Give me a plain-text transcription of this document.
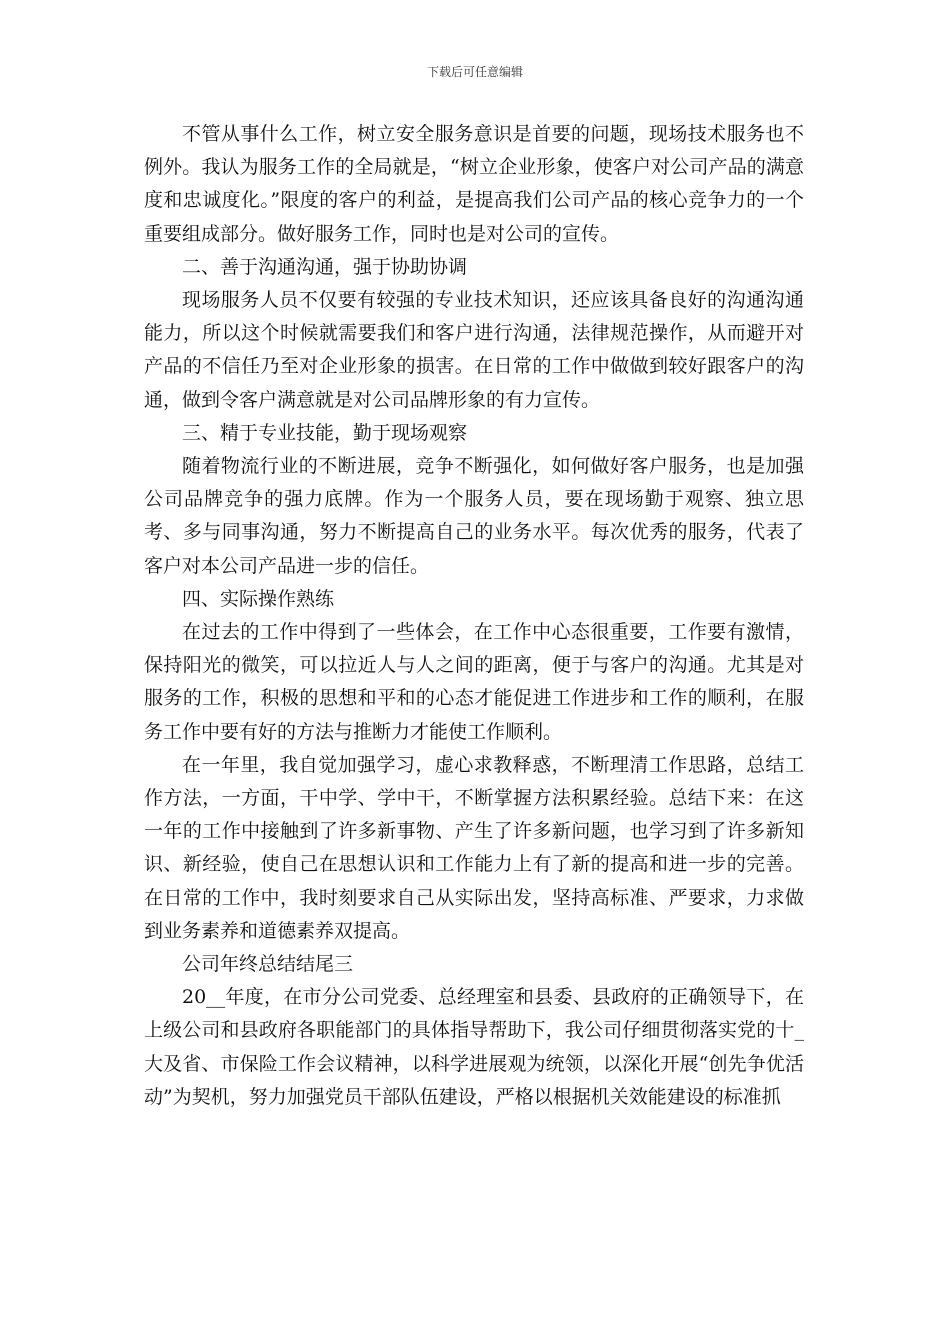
下载后可任意编辑

不管从事什么工作，树立安全服务意识是首要的问题，现场技术服务也不例外。我认为服务工作的全局就是，“树立企业形象，使客户对公司产品的满意度和忠诚度化。”限度的客户的利益，是提高我们公司产品的核心竞争力的一个重要组成部分。做好服务工作，同时也是对公司的宣传。

二、善于沟通沟通，强于协助协调

现场服务人员不仅要有较强的专业技术知识，还应该具备良好的沟通沟通能力，所以这个时候就需要我们和客户进行沟通，法律规范操作，从而避开对产品的不信任乃至对企业形象的损害。在日常的工作中做做到较好跟客户的沟通，做到令客户满意就是对公司品牌形象的有力宣传。

三、精于专业技能，勤于现场观察

随着物流行业的不断进展，竞争不断强化，如何做好客户服务，也是加强公司品牌竞争的强力底牌。作为一个服务人员，要在现场勤于观察、独立思考、多与同事沟通，努力不断提高自己的业务水平。每次优秀的服务，代表了客户对本公司产品进一步的信任。

四、实际操作熟练

在过去的工作中得到了一些体会，在工作中心态很重要，工作要有激情，保持阳光的微笑，可以拉近人与人之间的距离，便于与客户的沟通。尤其是对服务的工作，积极的思想和平和的心态才能促进工作进步和工作的顺利，在服务工作中要有好的方法与推断力才能使工作顺利。

在一年里，我自觉加强学习，虚心求教释惑，不断理清工作思路，总结工作方法，一方面，干中学、学中干，不断掌握方法积累经验。总结下来：在这一年的工作中接触到了许多新事物、产生了许多新问题，也学习到了许多新知识、新经验，使自己在思想认识和工作能力上有了新的提高和进一步的完善。在日常的工作中，我时刻要求自己从实际出发，坚持高标准、严要求，力求做到业务素养和道德素养双提高。

公司年终总结结尾三

20__年度，在市分公司党委、总经理室和县委、县政府的正确领导下，在上级公司和县政府各职能部门的具体指导帮助下，我公司仔细贯彻落实党的十_大及省、市保险工作会议精神，以科学进展观为统领，以深化开展“创先争优活动”为契机，努力加强党员干部队伍建设，严格以根据机关效能建设的标准抓
